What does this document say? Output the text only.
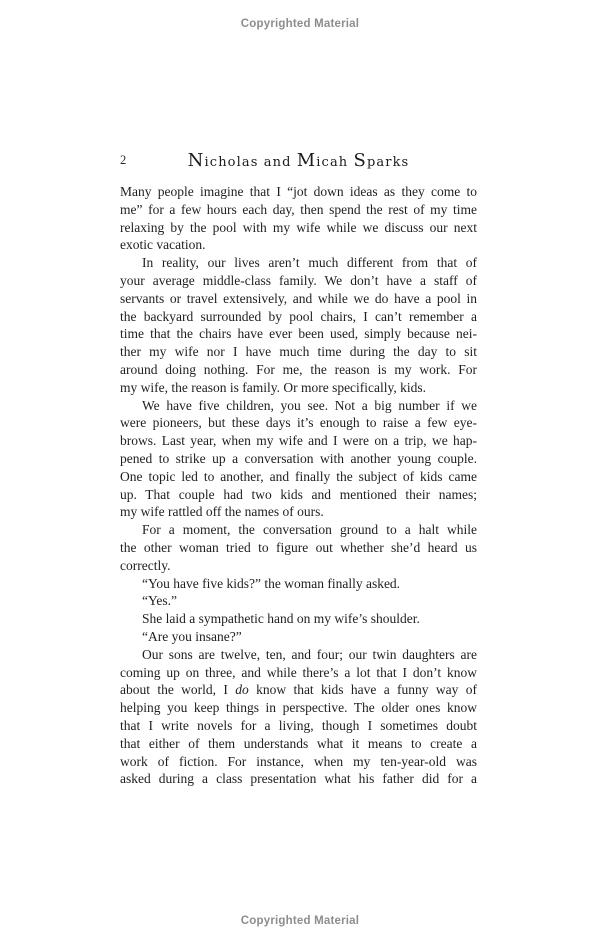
Copyrighted Material
2	Nicholas and Micah Sparks
Many people imagine that I “jot down ideas as they come to
me” for a few hours each day, then spend the rest of my time
relaxing by the pool with my wife while we discuss our next
exotic vacation.
In reality, our lives aren’t much different from that of
your average middle-class family. We don’t have a staff of
servants or travel extensively, and while we do have a pool in
the backyard surrounded by pool chairs, I can’t remember a
time that the chairs have ever been used, simply because nei-
ther my wife nor I have much time during the day to sit
around doing nothing. For me, the reason is my work. For
my wife, the reason is family. Or more specifically, kids.
We have five children, you see. Not a big number if we
were pioneers, but these days it’s enough to raise a few eye-
brows. Last year, when my wife and I were on a trip, we hap-
pened to strike up a conversation with another young couple.
One topic led to another, and finally the subject of kids came
up. That couple had two kids and mentioned their names;
my wife rattled off the names of ours.
For a moment, the conversation ground to a halt while
the other woman tried to figure out whether she’d heard us
correctly.
“You have five kids?” the woman finally asked.
“Yes.”
She laid a sympathetic hand on my wife’s shoulder.
“Are you insane?”
Our sons are twelve, ten, and four; our twin daughters are
coming up on three, and while there’s a lot that I don’t know
about the world, I do know that kids have a funny way of
helping you keep things in perspective. The older ones know
that I write novels for a living, though I sometimes doubt
that either of them understands what it means to create a
work of fiction. For instance, when my ten-year-old was
asked during a class presentation what his father did for a
Copyrighted Material
